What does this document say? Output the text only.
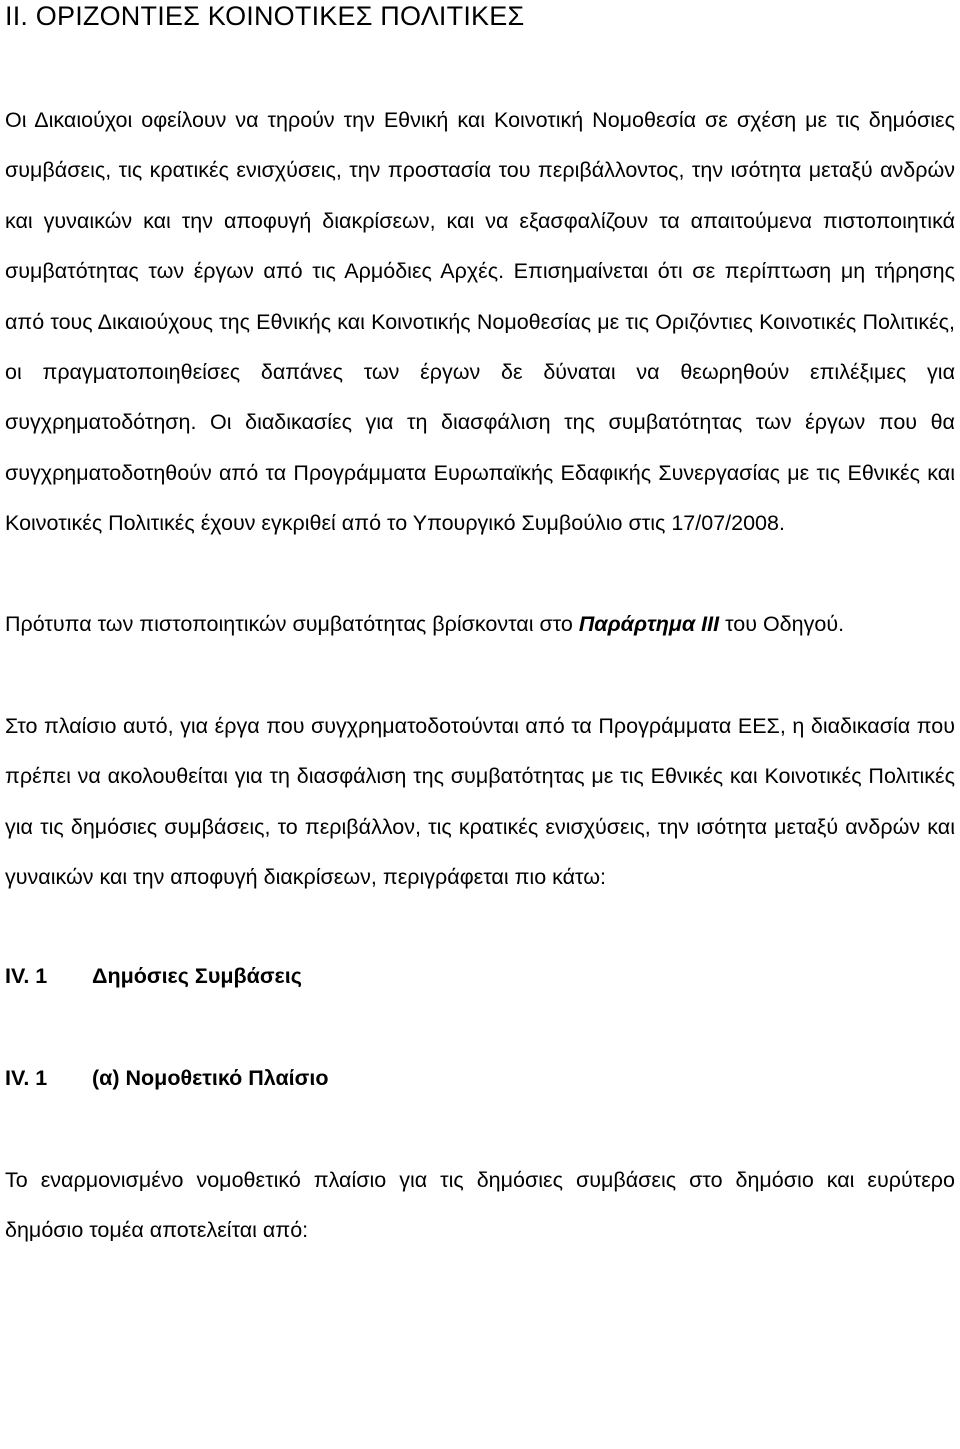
II. ΟΡΙΖΟΝΤΙΕΣ ΚΟΙΝΟΤΙΚΕΣ ΠΟΛΙΤΙΚΕΣ

Οι Δικαιούχοι οφείλουν να τηρούν την Εθνική και Κοινοτική Νομοθεσία σε σχέση με τις δημόσιες συμβάσεις, τις κρατικές ενισχύσεις, την προστασία του περιβάλλοντος, την ισότητα μεταξύ ανδρών και γυναικών και την αποφυγή διακρίσεων, και να εξασφαλίζουν τα απαιτούμενα πιστοποιητικά συμβατότητας των έργων από τις Αρμόδιες Αρχές. Επισημαίνεται ότι σε περίπτωση μη τήρησης από τους Δικαιούχους της Εθνικής και Κοινοτικής Νομοθεσίας με τις Οριζόντιες Κοινοτικές Πολιτικές, οι πραγματοποιηθείσες δαπάνες των έργων δε δύναται να θεωρηθούν επιλέξιμες για συγχρηματοδότηση. Οι διαδικασίες για τη διασφάλιση της συμβατότητας των έργων που θα συγχρηματοδοτηθούν από τα Προγράμματα Ευρωπαϊκής Εδαφικής Συνεργασίας με τις Εθνικές και Κοινοτικές Πολιτικές έχουν εγκριθεί από το Υπουργικό Συμβούλιο στις 17/07/2008.

Πρότυπα των πιστοποιητικών συμβατότητας βρίσκονται στο Παράρτημα ΙΙΙ του Οδηγού.

Στο πλαίσιο αυτό, για έργα που συγχρηματοδοτούνται από τα Προγράμματα ΕΕΣ, η διαδικασία που πρέπει να ακολουθείται για τη διασφάλιση της συμβατότητας με τις Εθνικές και Κοινοτικές Πολιτικές για τις δημόσιες συμβάσεις, το περιβάλλον, τις κρατικές ενισχύσεις, την ισότητα μεταξύ ανδρών και γυναικών και την αποφυγή διακρίσεων, περιγράφεται πιο κάτω:

IV. 1 Δημόσιες Συμβάσεις

IV. 1 (α) Νομοθετικό Πλαίσιο

Το εναρμονισμένο νομοθετικό πλαίσιο για τις δημόσιες συμβάσεις στο δημόσιο και ευρύτερο δημόσιο τομέα αποτελείται από:
